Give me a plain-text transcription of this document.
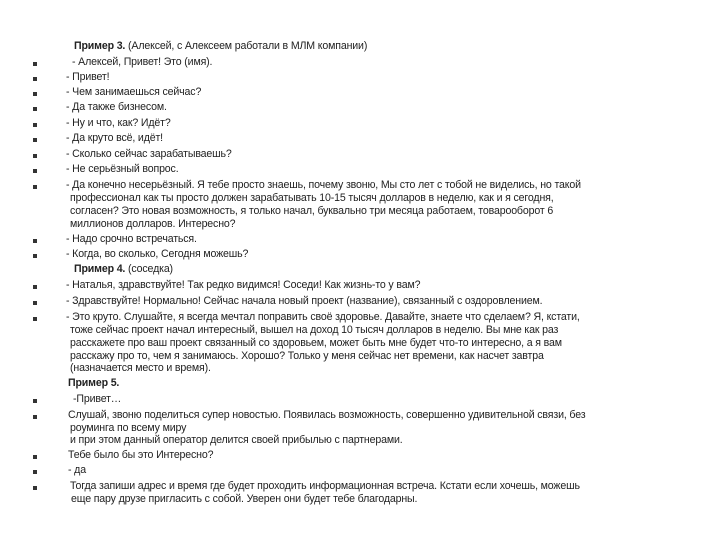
Пример 3. (Алексей, с Алексеем работали в МЛМ компании)
- Алексей, Привет! Это (имя).
- Привет!
- Чем занимаешься сейчас?
- Да также бизнесом.
- Ну и что, как? Идёт?
- Да круто всё, идёт!
- Сколько сейчас зарабатываешь?
- Не серьёзный вопрос.
- Да конечно несерьёзный. Я тебе просто знаешь, почему звоню, Мы сто лет с тобой не виделись, но такой
профессионал как ты просто должен зарабатывать 10-15 тысяч долларов в неделю, как и я сегодня,
согласен? Это новая возможность, я только начал, буквально три месяца работаем, товарооборот 6
миллионов долларов. Интересно?
- Надо срочно встречаться.
- Когда, во сколько, Сегодня можешь?
Пример 4. (соседка)
- Наталья, здравствуйте! Так редко видимся! Соседи! Как жизнь-то у вам?
- Здравствуйте! Нормально! Сейчас начала новый проект (название), связанный с оздоровлением.
- Это круто. Слушайте, я всегда мечтал поправить своё здоровье. Давайте, знаете что сделаем? Я, кстати,
тоже сейчас проект начал интересный, вышел на доход 10 тысяч долларов в неделю. Вы мне как раз
расскажете про ваш проект связанный со здоровьем, может быть мне будет что-то интересно, а я вам
расскажу про то, чем я занимаюсь. Хорошо? Только у меня сейчас нет времени, как насчет завтра
(назначается место и время).
Пример 5.
-Привет…
Слушай, звоню поделиться супер новостью. Появилась возможность, совершенно удивительной связи, без
роуминга по всему миру
и при этом данный оператор делится своей прибылью с партнерами.
Тебе было бы это Интересно?
- да
Тогда запиши адрес и время где будет проходить информационная встреча. Кстати если хочешь, можешь
еще пару друзе пригласить с собой. Уверен они будет тебе благодарны.
